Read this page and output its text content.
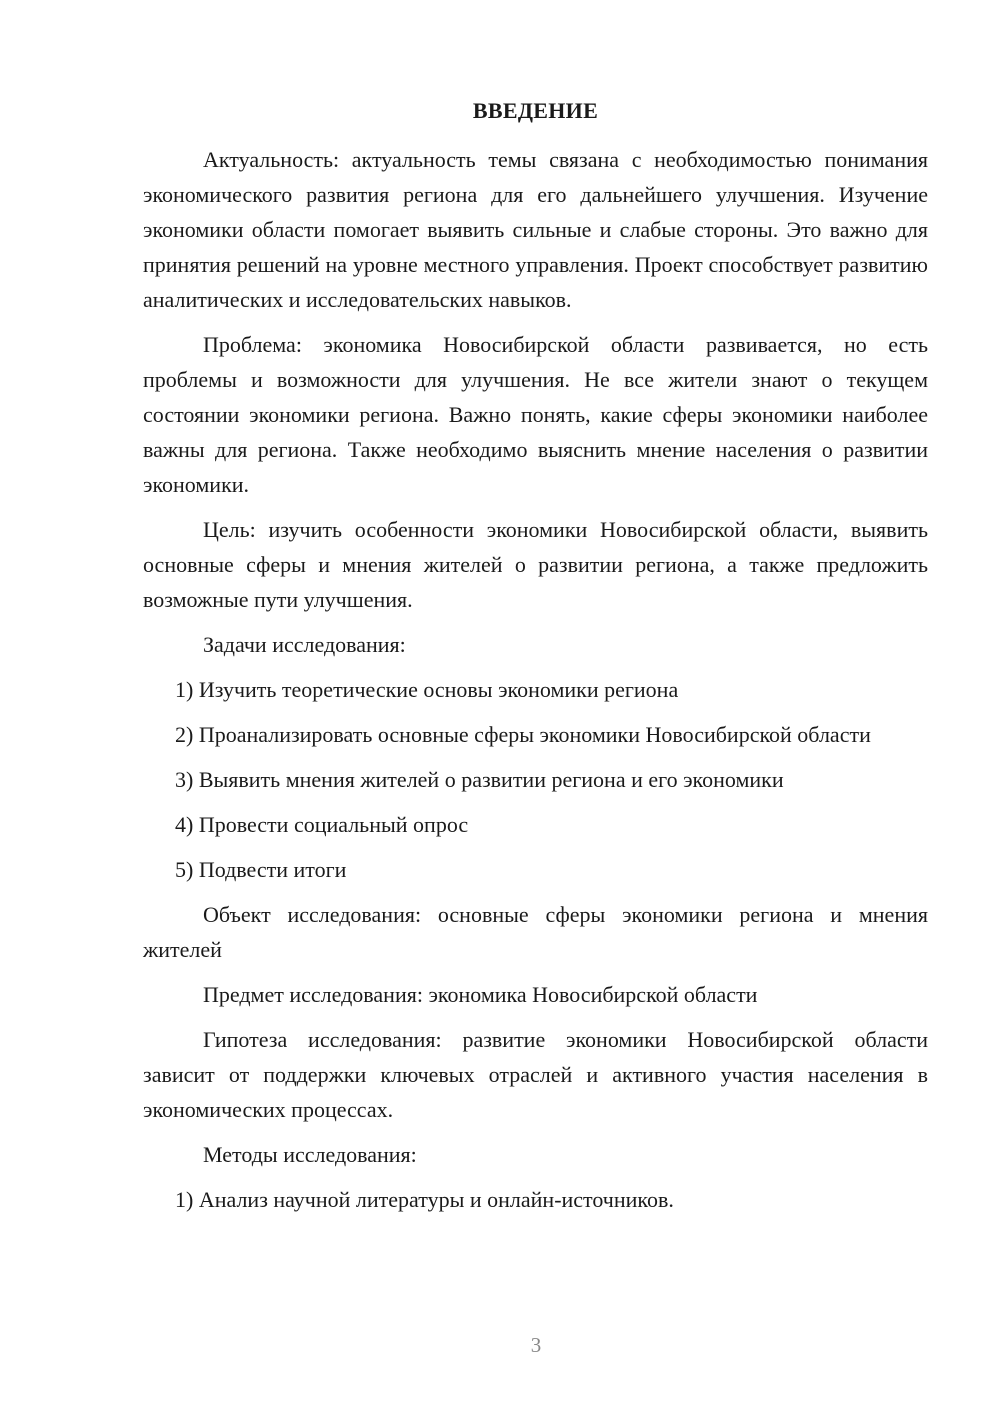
ВВЕДЕНИЕ

Актуальность: актуальность темы связана с необходимостью понимания экономического развития региона для его дальнейшего улучшения. Изучение экономики области помогает выявить сильные и слабые стороны. Это важно для принятия решений на уровне местного управления. Проект способствует развитию аналитических и исследовательских навыков.

Проблема: экономика Новосибирской области развивается, но есть проблемы и возможности для улучшения. Не все жители знают о текущем состоянии экономики региона. Важно понять, какие сферы экономики наиболее важны для региона. Также необходимо выяснить мнение населения о развитии экономики.

Цель: изучить особенности экономики Новосибирской области, выявить основные сферы и мнения жителей о развитии региона, а также предложить возможные пути улучшения.

Задачи исследования:

1) Изучить теоретические основы экономики региона

2) Проанализировать основные сферы экономики Новосибирской области

3) Выявить мнения жителей о развитии региона и его экономики

4) Провести социальный опрос

5) Подвести итоги

Объект исследования: основные сферы экономики региона и мнения жителей

Предмет исследования: экономика Новосибирской области

Гипотеза исследования: развитие экономики Новосибирской области зависит от поддержки ключевых отраслей и активного участия населения в экономических процессах.

Методы исследования:

1) Анализ научной литературы и онлайн-источников.

3
